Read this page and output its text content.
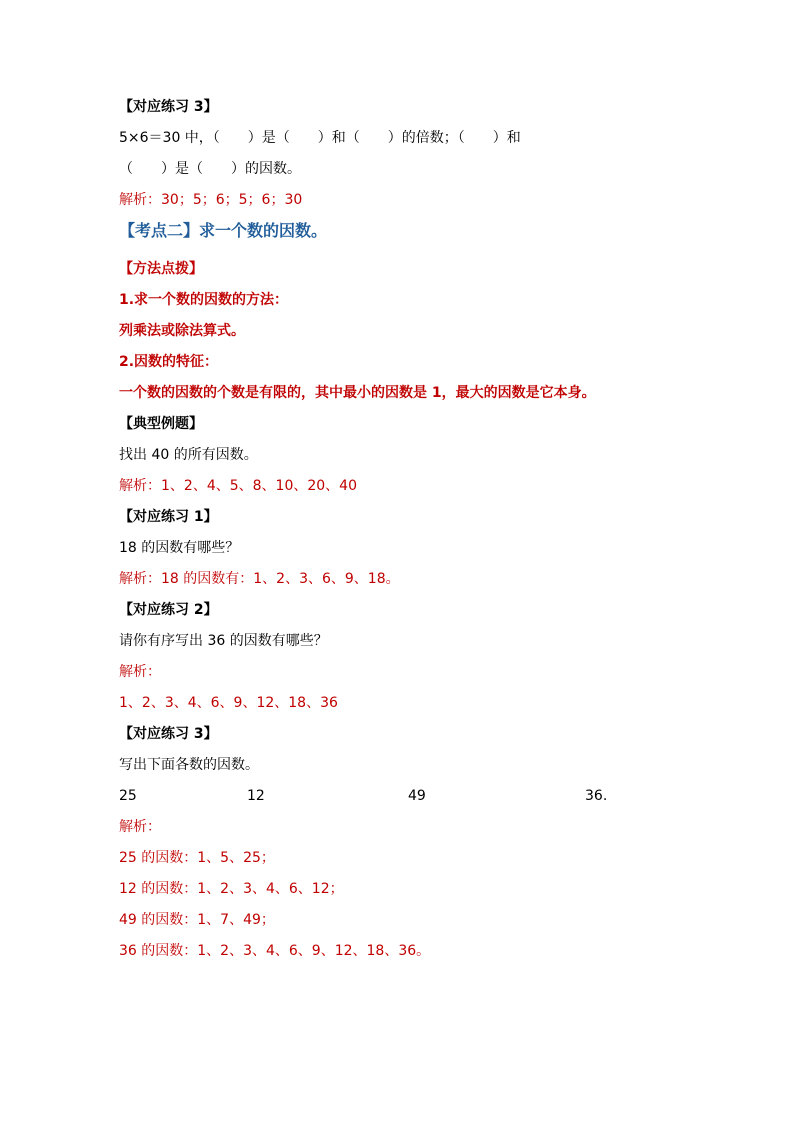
【对应练习 3】
5×6＝30 中，（　　）是（　　）和（　　）的倍数；（　　）和
（　　）是（　　）的因数。
解析：30；5；6；5；6；30
【考点二】求一个数的因数。
【方法点拨】
1.求一个数的因数的方法：
列乘法或除法算式。
2.因数的特征：
一个数的因数的个数是有限的，其中最小的因数是 1，最大的因数是它本身。
【典型例题】
找出 40 的所有因数。
解析：1、2、4、5、8、10、20、40
【对应练习 1】
18 的因数有哪些？
解析：18 的因数有：1、2、3、6、9、18。
【对应练习 2】
请你有序写出 36 的因数有哪些？
解析：
1、2、3、4、6、9、12、18、36
【对应练习 3】
写出下面各数的因数。
25	12	49	36.
解析：
25 的因数：1、5、25；
12 的因数：1、2、3、4、6、12；
49 的因数：1、7、49；
36 的因数：1、2、3、4、6、9、12、18、36。
